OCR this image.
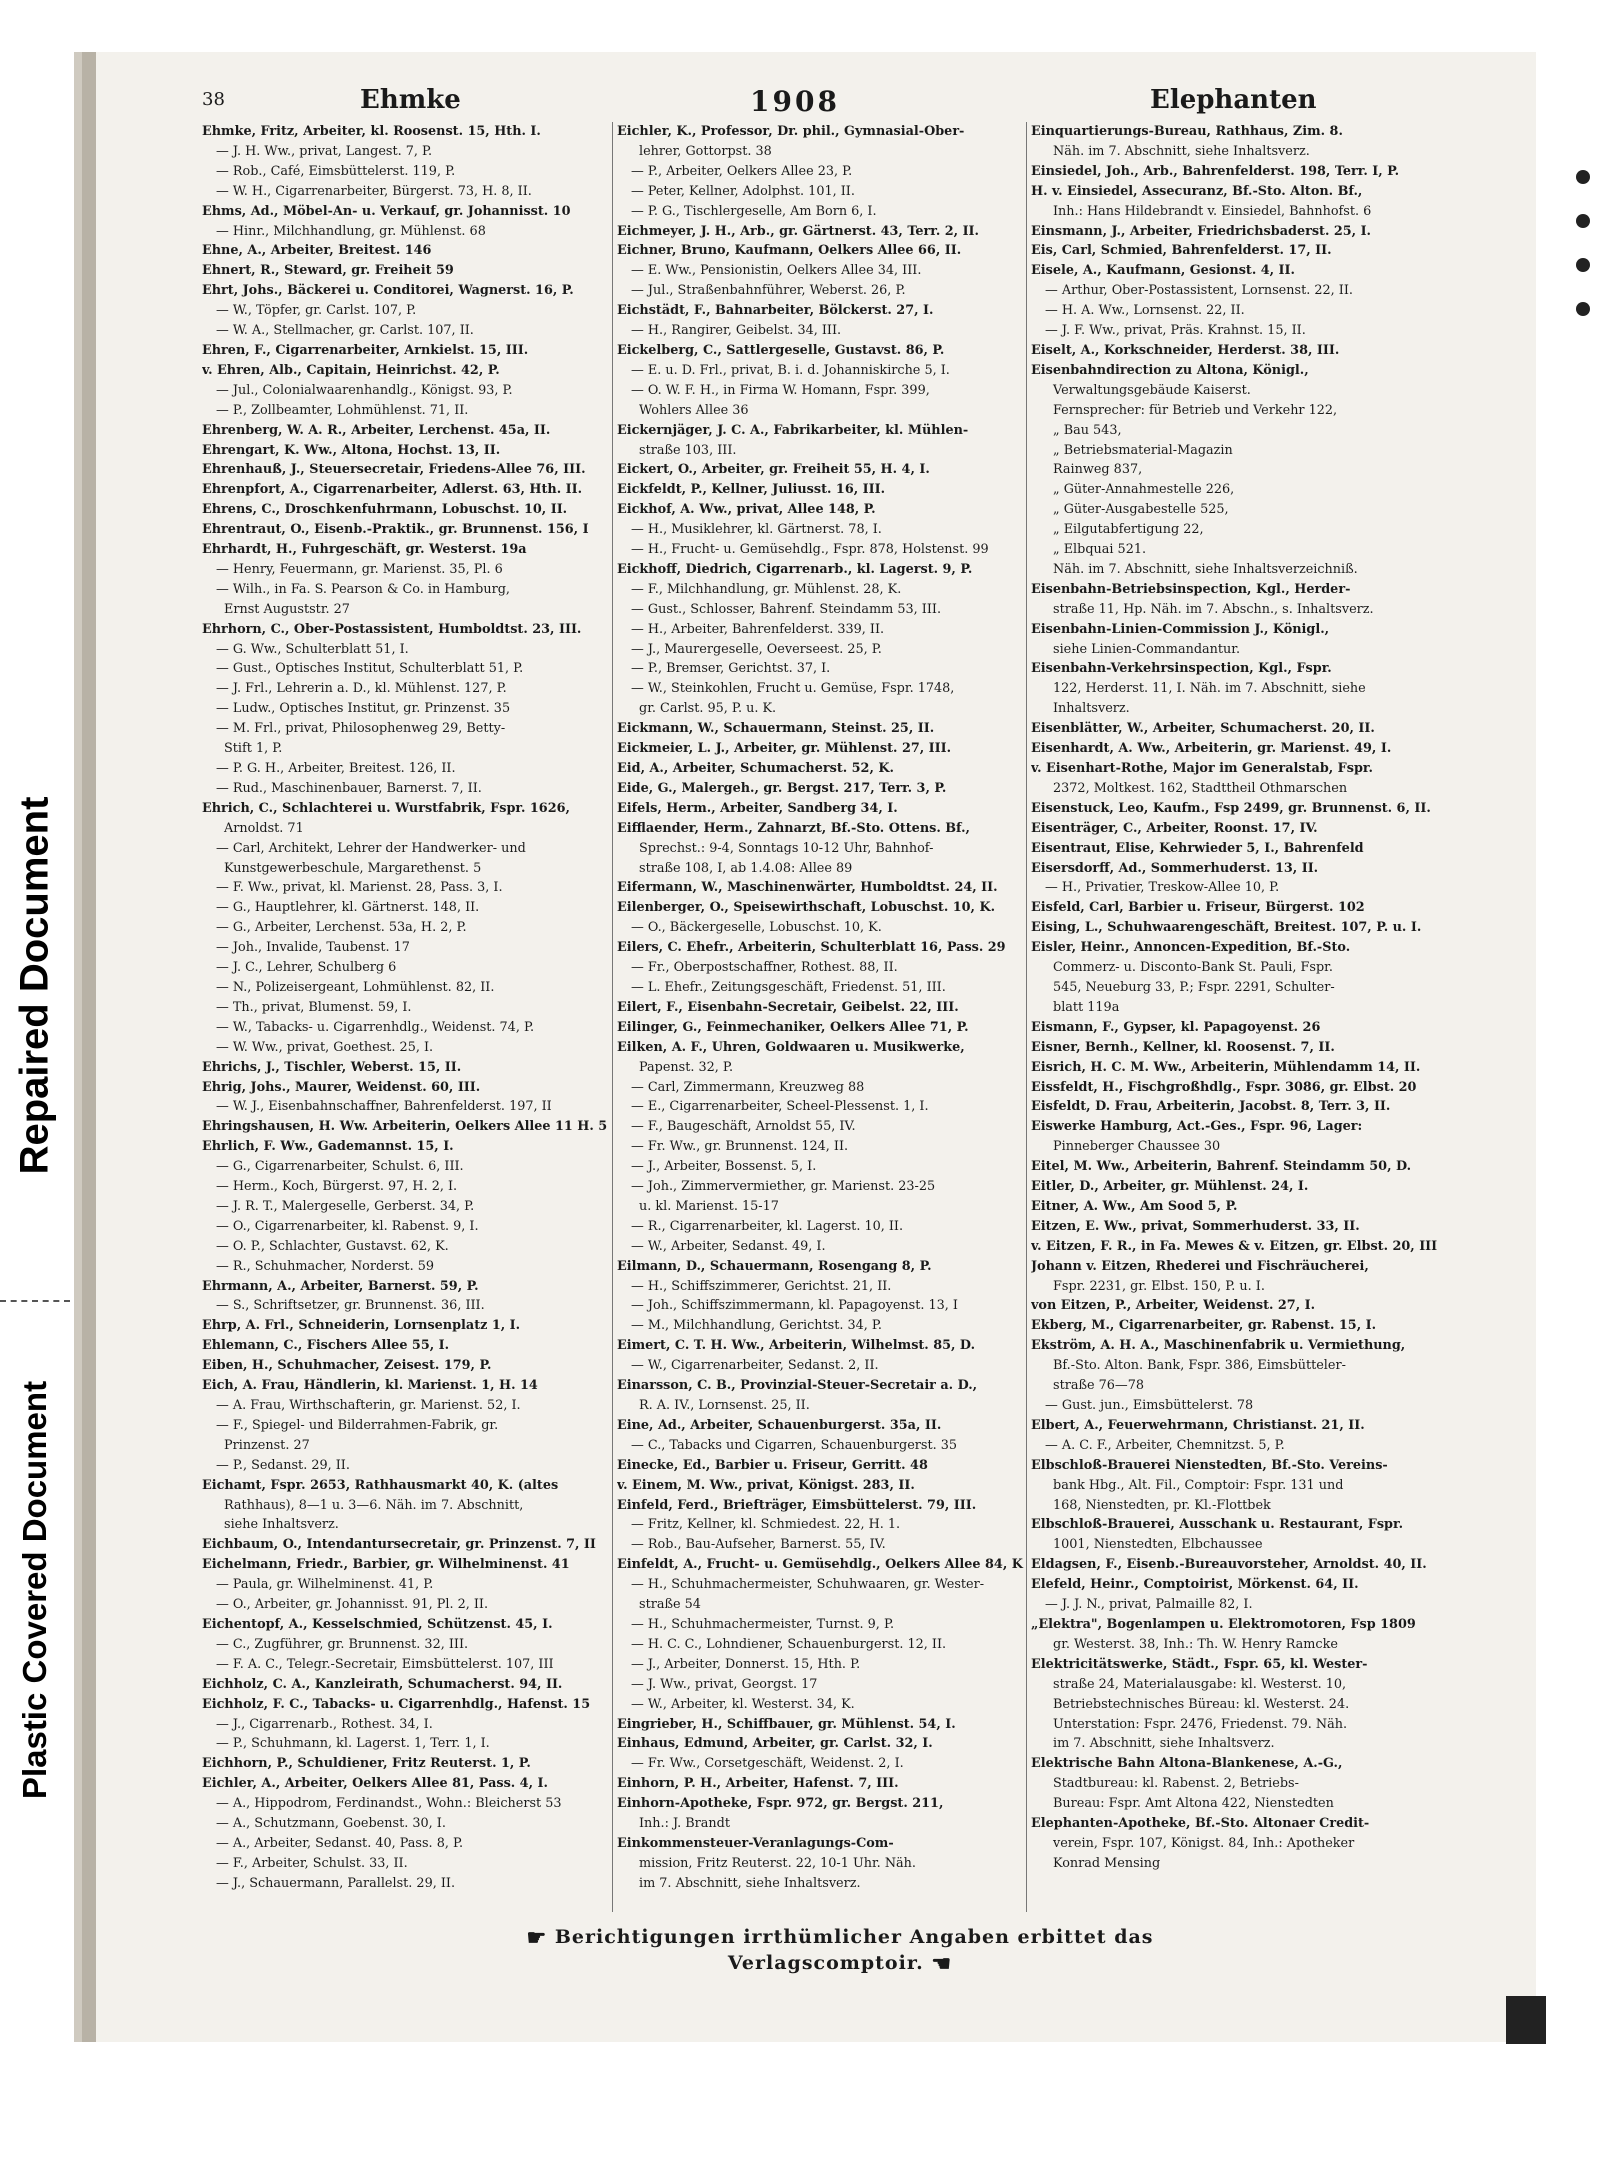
Repaired Document
Plastic Covered Document
38	Ehmke	1908	Elephanten
Ehmke, Fritz, Arbeiter, kl. Roosenst. 15, Hth. I.
— J. H. Ww., privat, Langest. 7, P.
— Rob., Café, Eimsbüttelerst. 119, P.
— W. H., Cigarrenarbeiter, Bürgerst. 73, H. 8, II.
Ehms, Ad., Möbel-An- u. Verkauf, gr. Johannisst. 10
— Hinr., Milchhandlung, gr. Mühlenst. 68
Ehne, A., Arbeiter, Breitest. 146
Ehnert, R., Steward, gr. Freiheit 59
Ehrt, Johs., Bäckerei u. Conditorei, Wagnerst. 16, P.
— W., Töpfer, gr. Carlst. 107, P.
— W. A., Stellmacher, gr. Carlst. 107, II.
Ehren, F., Cigarrenarbeiter, Arnkielst. 15, III.
v. Ehren, Alb., Capitain, Heinrichst. 42, P.
— Jul., Colonialwaarenhandlg., Königst. 93, P.
— P., Zollbeamter, Lohmühlenst. 71, II.
Ehrenberg, W. A. R., Arbeiter, Lerchenst. 45a, II.
Ehrengart, K. Ww., Altona, Hochst. 13, II.
Ehrenhauß, J., Steuersecretair, Friedens-Allee 76, III.
Ehrenpfort, A., Cigarrenarbeiter, Adlerst. 63, Hth. II.
Ehrens, C., Droschkenfuhrmann, Lobuschst. 10, II.
Ehrentraut, O., Eisenb.-Praktik., gr. Brunnenst. 156, I
Ehrhardt, H., Fuhrgeschäft, gr. Westerst. 19a
— Henry, Feuermann, gr. Marienst. 35, Pl. 6
— Wilh., in Fa. S. Pearson & Co. in Hamburg,
Ernst Auguststr. 27
Ehrhorn, C., Ober-Postassistent, Humboldtst. 23, III.
— G. Ww., Schulterblatt 51, I.
— Gust., Optisches Institut, Schulterblatt 51, P.
— J. Frl., Lehrerin a. D., kl. Mühlenst. 127, P.
— Ludw., Optisches Institut, gr. Prinzenst. 35
— M. Frl., privat, Philosophenweg 29, Betty-
Stift 1, P.
— P. G. H., Arbeiter, Breitest. 126, II.
— Rud., Maschinenbauer, Barnerst. 7, II.
Ehrich, C., Schlachterei u. Wurstfabrik, Fspr. 1626,
Arnoldst. 71
— Carl, Architekt, Lehrer der Handwerker- und
Kunstgewerbeschule, Margarethenst. 5
— F. Ww., privat, kl. Marienst. 28, Pass. 3, I.
— G., Hauptlehrer, kl. Gärtnerst. 148, II.
— G., Arbeiter, Lerchenst. 53a, H. 2, P.
— Joh., Invalide, Taubenst. 17
— J. C., Lehrer, Schulberg 6
— N., Polizeisergeant, Lohmühlenst. 82, II.
— Th., privat, Blumenst. 59, I.
— W., Tabacks- u. Cigarrenhdlg., Weidenst. 74, P.
— W. Ww., privat, Goethest. 25, I.
Ehrichs, J., Tischler, Weberst. 15, II.
Ehrig, Johs., Maurer, Weidenst. 60, III.
— W. J., Eisenbahnschaffner, Bahrenfelderst. 197, II
Ehringshausen, H. Ww. Arbeiterin, Oelkers Allee 11 H. 5
Ehrlich, F. Ww., Gademannst. 15, I.
— G., Cigarrenarbeiter, Schulst. 6, III.
— Herm., Koch, Bürgerst. 97, H. 2, I.
— J. R. T., Malergeselle, Gerberst. 34, P.
— O., Cigarrenarbeiter, kl. Rabenst. 9, I.
— O. P., Schlachter, Gustavst. 62, K.
— R., Schuhmacher, Norderst. 59
Ehrmann, A., Arbeiter, Barnerst. 59, P.
— S., Schriftsetzer, gr. Brunnenst. 36, III.
Ehrp, A. Frl., Schneiderin, Lornsenplatz 1, I.
Ehlemann, C., Fischers Allee 55, I.
Eiben, H., Schuhmacher, Zeisest. 179, P.
Eich, A. Frau, Händlerin, kl. Marienst. 1, H. 14
— A. Frau, Wirthschafterin, gr. Marienst. 52, I.
— F., Spiegel- und Bilderrahmen-Fabrik, gr.
Prinzenst. 27
— P., Sedanst. 29, II.
Eichamt, Fspr. 2653, Rathhausmarkt 40, K. (altes
Rathhaus), 8—1 u. 3—6. Näh. im 7. Abschnitt,
siehe Inhaltsverz.
Eichbaum, O., Intendantursecretair, gr. Prinzenst. 7, II
Eichelmann, Friedr., Barbier, gr. Wilhelminenst. 41
— Paula, gr. Wilhelminenst. 41, P.
— O., Arbeiter, gr. Johannisst. 91, Pl. 2, II.
Eichentopf, A., Kesselschmied, Schützenst. 45, I.
— C., Zugführer, gr. Brunnenst. 32, III.
— F. A. C., Telegr.-Secretair, Eimsbüttelerst. 107, III
Eichholz, C. A., Kanzleirath, Schumacherst. 94, II.
Eichholz, F. C., Tabacks- u. Cigarrenhdlg., Hafenst. 15
— J., Cigarrenarb., Rothest. 34, I.
— P., Schuhmann, kl. Lagerst. 1, Terr. 1, I.
Eichhorn, P., Schuldiener, Fritz Reuterst. 1, P.
Eichler, A., Arbeiter, Oelkers Allee 81, Pass. 4, I.
— A., Hippodrom, Ferdinandst., Wohn.: Bleicherst 53
— A., Schutzmann, Goebenst. 30, I.
— A., Arbeiter, Sedanst. 40, Pass. 8, P.
— F., Arbeiter, Schulst. 33, II.
— J., Schauermann, Parallelst. 29, II.
Eichler, K., Professor, Dr. phil., Gymnasial-Ober-
lehrer, Gottorpst. 38
— P., Arbeiter, Oelkers Allee 23, P.
— Peter, Kellner, Adolphst. 101, II.
— P. G., Tischlergeselle, Am Born 6, I.
Eichmeyer, J. H., Arb., gr. Gärtnerst. 43, Terr. 2, II.
Eichner, Bruno, Kaufmann, Oelkers Allee 66, II.
— E. Ww., Pensionistin, Oelkers Allee 34, III.
— Jul., Straßenbahnführer, Weberst. 26, P.
Eichstädt, F., Bahnarbeiter, Bölckerst. 27, I.
— H., Rangirer, Geibelst. 34, III.
Eickelberg, C., Sattlergeselle, Gustavst. 86, P.
— E. u. D. Frl., privat, B. i. d. Johanniskirche 5, I.
— O. W. F. H., in Firma W. Homann, Fspr. 399,
Wohlers Allee 36
Eickernjäger, J. C. A., Fabrikarbeiter, kl. Mühlen-
straße 103, III.
Eickert, O., Arbeiter, gr. Freiheit 55, H. 4, I.
Eickfeldt, P., Kellner, Juliusst. 16, III.
Eickhof, A. Ww., privat, Allee 148, P.
— H., Musiklehrer, kl. Gärtnerst. 78, I.
— H., Frucht- u. Gemüsehdlg., Fspr. 878, Holstenst. 99
Eickhoff, Diedrich, Cigarrenarb., kl. Lagerst. 9, P.
— F., Milchhandlung, gr. Mühlenst. 28, K.
— Gust., Schlosser, Bahrenf. Steindamm 53, III.
— H., Arbeiter, Bahrenfelderst. 339, II.
— J., Maurergeselle, Oeverseest. 25, P.
— P., Bremser, Gerichtst. 37, I.
— W., Steinkohlen, Frucht u. Gemüse, Fspr. 1748,
gr. Carlst. 95, P. u. K.
Eickmann, W., Schauermann, Steinst. 25, II.
Eickmeier, L. J., Arbeiter, gr. Mühlenst. 27, III.
Eid, A., Arbeiter, Schumacherst. 52, K.
Eide, G., Malergeh., gr. Bergst. 217, Terr. 3, P.
Eifels, Herm., Arbeiter, Sandberg 34, I.
Eifflaender, Herm., Zahnarzt, Bf.-Sto. Ottens. Bf.,
Sprechst.: 9-4, Sonntags 10-12 Uhr, Bahnhof-
straße 108, I, ab 1.4.08: Allee 89
Eifermann, W., Maschinenwärter, Humboldtst. 24, II.
Eilenberger, O., Speisewirthschaft, Lobuschst. 10, K.
— O., Bäckergeselle, Lobuschst. 10, K.
Eilers, C. Ehefr., Arbeiterin, Schulterblatt 16, Pass. 29
— Fr., Oberpostschaffner, Rothest. 88, II.
— L. Ehefr., Zeitungsgeschäft, Friedenst. 51, III.
Eilert, F., Eisenbahn-Secretair, Geibelst. 22, III.
Eilinger, G., Feinmechaniker, Oelkers Allee 71, P.
Eilken, A. F., Uhren, Goldwaaren u. Musikwerke,
Papenst. 32, P.
— Carl, Zimmermann, Kreuzweg 88
— E., Cigarrenarbeiter, Scheel-Plessenst. 1, I.
— F., Baugeschäft, Arnoldst 55, IV.
— Fr. Ww., gr. Brunnenst. 124, II.
— J., Arbeiter, Bossenst. 5, I.
— Joh., Zimmervermiether, gr. Marienst. 23-25
u. kl. Marienst. 15-17
— R., Cigarrenarbeiter, kl. Lagerst. 10, II.
— W., Arbeiter, Sedanst. 49, I.
Eilmann, D., Schauermann, Rosengang 8, P.
— H., Schiffszimmerer, Gerichtst. 21, II.
— Joh., Schiffszimmermann, kl. Papagoyenst. 13, I
— M., Milchhandlung, Gerichtst. 34, P.
Eimert, C. T. H. Ww., Arbeiterin, Wilhelmst. 85, D.
— W., Cigarrenarbeiter, Sedanst. 2, II.
Einarsson, C. B., Provinzial-Steuer-Secretair a. D.,
R. A. IV., Lornsenst. 25, II.
Eine, Ad., Arbeiter, Schauenburgerst. 35a, II.
— C., Tabacks und Cigarren, Schauenburgerst. 35
Einecke, Ed., Barbier u. Friseur, Gerritt. 48
v. Einem, M. Ww., privat, Königst. 283, II.
Einfeld, Ferd., Briefträger, Eimsbüttelerst. 79, III.
— Fritz, Kellner, kl. Schmiedest. 22, H. 1.
— Rob., Bau-Aufseher, Barnerst. 55, IV.
Einfeldt, A., Frucht- u. Gemüsehdlg., Oelkers Allee 84, K
— H., Schuhmachermeister, Schuhwaaren, gr. Wester-
straße 54
— H., Schuhmachermeister, Turnst. 9, P.
— H. C. C., Lohndiener, Schauenburgerst. 12, II.
— J., Arbeiter, Donnerst. 15, Hth. P.
— J. Ww., privat, Georgst. 17
— W., Arbeiter, kl. Westerst. 34, K.
Eingrieber, H., Schiffbauer, gr. Mühlenst. 54, I.
Einhaus, Edmund, Arbeiter, gr. Carlst. 32, I.
— Fr. Ww., Corsetgeschäft, Weidenst. 2, I.
Einhorn, P. H., Arbeiter, Hafenst. 7, III.
Einhorn-Apotheke, Fspr. 972, gr. Bergst. 211,
Inh.: J. Brandt
Einkommensteuer-Veranlagungs-Com-
mission, Fritz Reuterst. 22, 10-1 Uhr. Näh.
im 7. Abschnitt, siehe Inhaltsverz.
Einquartierungs-Bureau, Rathhaus, Zim. 8.
Näh. im 7. Abschnitt, siehe Inhaltsverz.
Einsiedel, Joh., Arb., Bahrenfelderst. 198, Terr. I, P.
H. v. Einsiedel, Assecuranz, Bf.-Sto. Alton. Bf.,
Inh.: Hans Hildebrandt v. Einsiedel, Bahnhofst. 6
Einsmann, J., Arbeiter, Friedrichsbaderst. 25, I.
Eis, Carl, Schmied, Bahrenfelderst. 17, II.
Eisele, A., Kaufmann, Gesionst. 4, II.
— Arthur, Ober-Postassistent, Lornsenst. 22, II.
— H. A. Ww., Lornsenst. 22, II.
— J. F. Ww., privat, Präs. Krahnst. 15, II.
Eiselt, A., Korkschneider, Herderst. 38, III.
Eisenbahndirection zu Altona, Königl.,
Verwaltungsgebäude Kaiserst.
Fernsprecher: für Betrieb und Verkehr 122,
„ Bau 543,
„ Betriebsmaterial-Magazin
Rainweg 837,
„ Güter-Annahmestelle 226,
„ Güter-Ausgabestelle 525,
„ Eilgutabfertigung 22,
„ Elbquai 521.
Näh. im 7. Abschnitt, siehe Inhaltsverzeichniß.
Eisenbahn-Betriebsinspection, Kgl., Herder-
straße 11, Hp. Näh. im 7. Abschn., s. Inhaltsverz.
Eisenbahn-Linien-Commission J., Königl.,
siehe Linien-Commandantur.
Eisenbahn-Verkehrsinspection, Kgl., Fspr.
122, Herderst. 11, I. Näh. im 7. Abschnitt, siehe
Inhaltsverz.
Eisenblätter, W., Arbeiter, Schumacherst. 20, II.
Eisenhardt, A. Ww., Arbeiterin, gr. Marienst. 49, I.
v. Eisenhart-Rothe, Major im Generalstab, Fspr.
2372, Moltkest. 162, Stadttheil Othmarschen
Eisenstuck, Leo, Kaufm., Fsp 2499, gr. Brunnenst. 6, II.
Eisenträger, C., Arbeiter, Roonst. 17, IV.
Eisentraut, Elise, Kehrwieder 5, I., Bahrenfeld
Eisersdorff, Ad., Sommerhuderst. 13, II.
— H., Privatier, Treskow-Allee 10, P.
Eisfeld, Carl, Barbier u. Friseur, Bürgerst. 102
Eising, L., Schuhwaarengeschäft, Breitest. 107, P. u. I.
Eisler, Heinr., Annoncen-Expedition, Bf.-Sto.
Commerz- u. Disconto-Bank St. Pauli, Fspr.
545, Neueburg 33, P.; Fspr. 2291, Schulter-
blatt 119a
Eismann, F., Gypser, kl. Papagoyenst. 26
Eisner, Bernh., Kellner, kl. Roosenst. 7, II.
Eisrich, H. C. M. Ww., Arbeiterin, Mühlendamm 14, II.
Eissfeldt, H., Fischgroßhdlg., Fspr. 3086, gr. Elbst. 20
Eisfeldt, D. Frau, Arbeiterin, Jacobst. 8, Terr. 3, II.
Eiswerke Hamburg, Act.-Ges., Fspr. 96, Lager:
Pinneberger Chaussee 30
Eitel, M. Ww., Arbeiterin, Bahrenf. Steindamm 50, D.
Eitler, D., Arbeiter, gr. Mühlenst. 24, I.
Eitner, A. Ww., Am Sood 5, P.
Eitzen, E. Ww., privat, Sommerhuderst. 33, II.
v. Eitzen, F. R., in Fa. Mewes & v. Eitzen, gr. Elbst. 20, III
Johann v. Eitzen, Rhederei und Fischräucherei,
Fspr. 2231, gr. Elbst. 150, P. u. I.
von Eitzen, P., Arbeiter, Weidenst. 27, I.
Ekberg, M., Cigarrenarbeiter, gr. Rabenst. 15, I.
Ekström, A. H. A., Maschinenfabrik u. Vermiethung,
Bf.-Sto. Alton. Bank, Fspr. 386, Eimsbütteler-
straße 76—78
— Gust. jun., Eimsbüttelerst. 78
Elbert, A., Feuerwehrmann, Christianst. 21, II.
— A. C. F., Arbeiter, Chemnitzst. 5, P.
Elbschloß-Brauerei Nienstedten, Bf.-Sto. Vereins-
bank Hbg., Alt. Fil., Comptoir: Fspr. 131 und
168, Nienstedten, pr. Kl.-Flottbek
Elbschloß-Brauerei, Ausschank u. Restaurant, Fspr.
1001, Nienstedten, Elbchaussee
Eldagsen, F., Eisenb.-Bureauvorsteher, Arnoldst. 40, II.
Elefeld, Heinr., Comptoirist, Mörkenst. 64, II.
— J. J. N., privat, Palmaille 82, I.
„Elektra", Bogenlampen u. Elektromotoren, Fsp 1809
gr. Westerst. 38, Inh.: Th. W. Henry Ramcke
Elektricitätswerke, Städt., Fspr. 65, kl. Wester-
straße 24, Materialausgabe: kl. Westerst. 10,
Betriebstechnisches Büreau: kl. Westerst. 24.
Unterstation: Fspr. 2476, Friedenst. 79. Näh.
im 7. Abschnitt, siehe Inhaltsverz.
Elektrische Bahn Altona-Blankenese, A.-G.,
Stadtbureau: kl. Rabenst. 2, Betriebs-
Bureau: Fspr. Amt Altona 422, Nienstedten
Elephanten-Apotheke, Bf.-Sto. Altonaer Credit-
verein, Fspr. 107, Königst. 84, Inh.: Apotheker
Konrad Mensing
☛ Berichtigungen irrthümlicher Angaben erbittet das Verlagscomptoir. ☚
